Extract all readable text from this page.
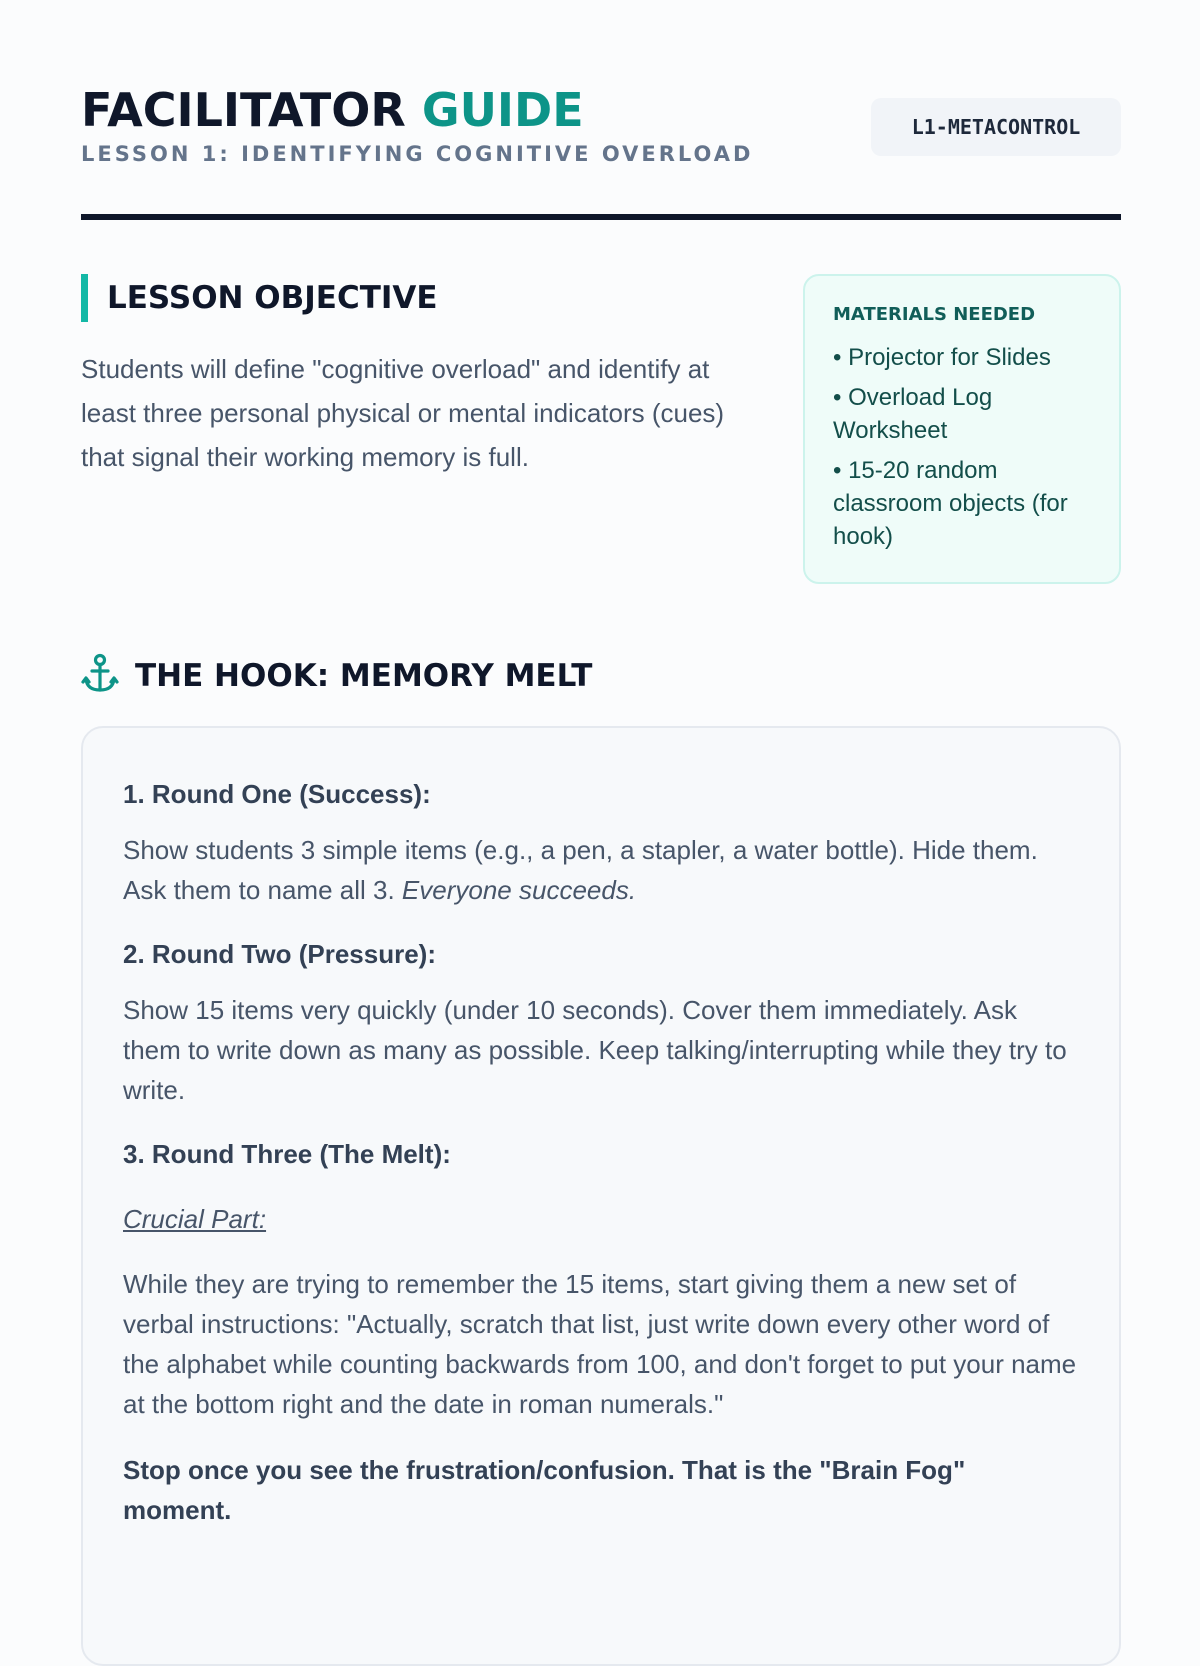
FACILITATOR GUIDE
LESSON 1: IDENTIFYING COGNITIVE OVERLOAD
L1-METACONTROL
LESSON OBJECTIVE

Students will define "cognitive overload" and identify at least three personal physical or mental indicators (cues) that signal their working memory is full.

MATERIALS NEEDED
• Projector for Slides
• Overload Log Worksheet
• 15-20 random classroom objects (for hook)
THE HOOK: MEMORY MELT

1. Round One (Success):

Show students 3 simple items (e.g., a pen, a stapler, a water bottle). Hide them. Ask them to name all 3. Everyone succeeds.

2. Round Two (Pressure):

Show 15 items very quickly (under 10 seconds). Cover them immediately. Ask them to write down as many as possible. Keep talking/interrupting while they try to write.

3. Round Three (The Melt):

Crucial Part:

While they are trying to remember the 15 items, start giving them a new set of verbal instructions: "Actually, scratch that list, just write down every other word of the alphabet while counting backwards from 100, and don't forget to put your name at the bottom right and the date in roman numerals."

Stop once you see the frustration/confusion. That is the "Brain Fog" moment.
